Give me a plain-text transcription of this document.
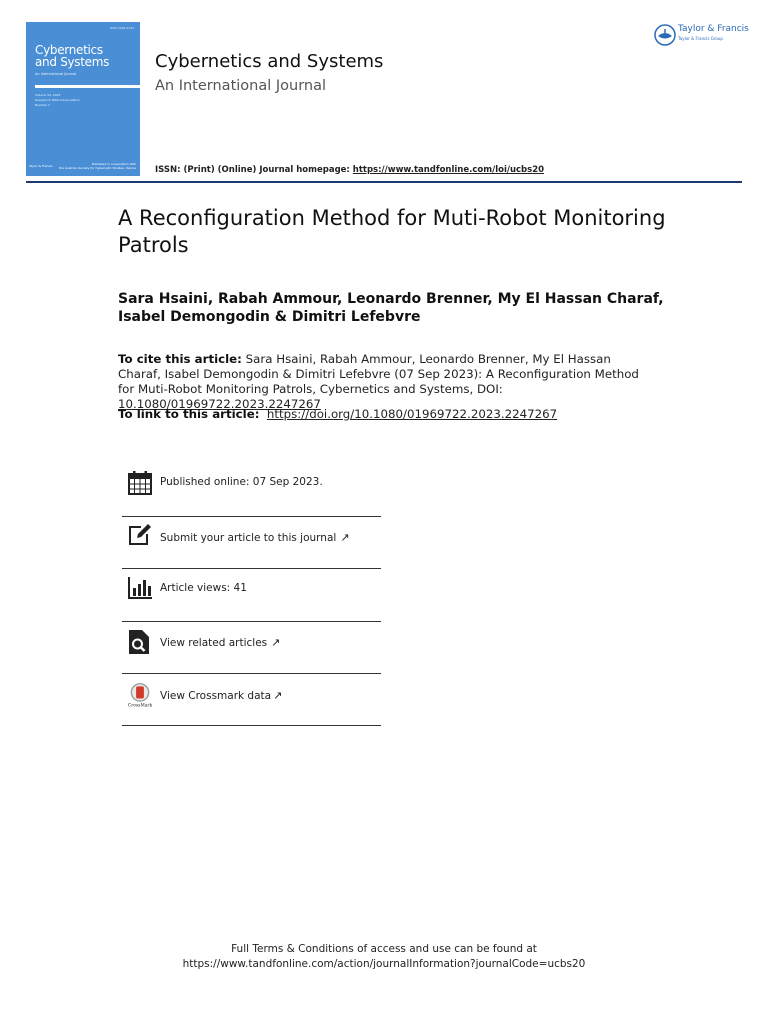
ISSN 0196-9722
Cybernetics
and Systems
An International Journal
Volume 54, 2023
Issue/print ISSN online edition
Number 1
Taylor & Francis	Published in cooperation with
the Austrian Society for Cybernetic Studies, Vienna
Cybernetics and Systems
An International Journal
ISSN: (Print) (Online) Journal homepage: https://www.tandfonline.com/loi/ucbs20
Taylor & Francis
Taylor & Francis Group
A Reconfiguration Method for Muti-Robot Monitoring Patrols
Sara Hsaini, Rabah Ammour, Leonardo Brenner, My El Hassan Charaf, Isabel Demongodin & Dimitri Lefebvre
To cite this article: Sara Hsaini, Rabah Ammour, Leonardo Brenner, My El Hassan Charaf, Isabel Demongodin & Dimitri Lefebvre (07 Sep 2023): A Reconfiguration Method for Muti-Robot Monitoring Patrols, Cybernetics and Systems, DOI: 10.1080/01969722.2023.2247267
To link to this article: https://doi.org/10.1080/01969722.2023.2247267
Published online: 07 Sep 2023.
Submit your article to this journal ↗
Article views: 41
View related articles ↗
CrossMark
View Crossmark data ↗
Full Terms & Conditions of access and use can be found at
https://www.tandfonline.com/action/journalInformation?journalCode=ucbs20
